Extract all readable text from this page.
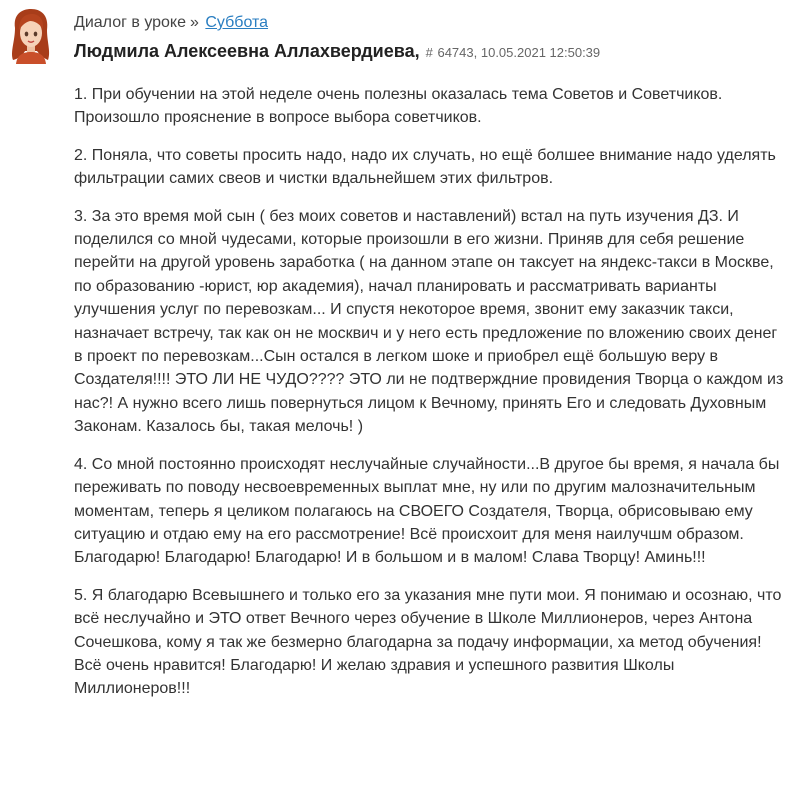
Диалог в уроке » Суббота
Людмила Алексеевна Аллахвердиева, # 64743, 10.05.2021 12:50:39

1. При обучении на этой неделе очень полезны оказалась тема Советов и Советчиков. Произошло прояснение в вопросе выбора советчиков.

2. Поняла, что советы просить надо, надо их случать, но ещё болшее внимание надо уделять фильтрации самих свеов и чистки вдальнейшем этих фильтров.

3. За это время мой сын ( без моих советов и наставлений) встал на путь изучения ДЗ. И поделился со мной чудесами, которые произошли в его жизни. Приняв для себя решение перейти на другой уровень заработка ( на данном этапе он таксует на яндекс-такси в Москве, по образованию -юрист, юр академия), начал планировать и рассматривать варианты улучшения услуг по перевозкам... И спустя некоторое время, звонит ему заказчик такси, назначает встречу, так как он не москвич и у него есть предложение по вложению своих денег в проект по перевозкам...Сын остался в легком шоке и приобрел ещё большую веру в Создателя!!!! ЭТО ЛИ НЕ ЧУДО???? ЭТО ли не подтверждние провидения Творца о каждом из нас?! А нужно всего лишь повернуться лицом к Вечному, принять Его и следовать Духовным Законам. Казалось бы, такая мелочь! )

4. Со мной постоянно происходят неслучайные случайности...В другое бы время, я начала бы переживать по поводу несвоевременных выплат мне, ну или по другим малозначительным моментам, теперь я целиком полагаюсь на СВОЕГО Создателя, Творца, обрисовываю ему ситуацию и отдаю ему на его рассмотрение! Всё происхоит для меня наилучшм образом. Благодарю! Благодарю! Благодарю! И в большом и в малом! Слава Творцу! Аминь!!!

5. Я благодарю Всевышнего и только его за указания мне пути мои. Я понимаю и осознаю, что всё неслучайно и ЭТО ответ Вечного через обучение в Школе Миллионеров, через Антона Сочешкова, кому я так же безмерно благодарна за подачу информации, ха метод обучения! Всё очень нравится! Благодарю! И желаю здравия и успешного развития Школы Миллионеров!!!
